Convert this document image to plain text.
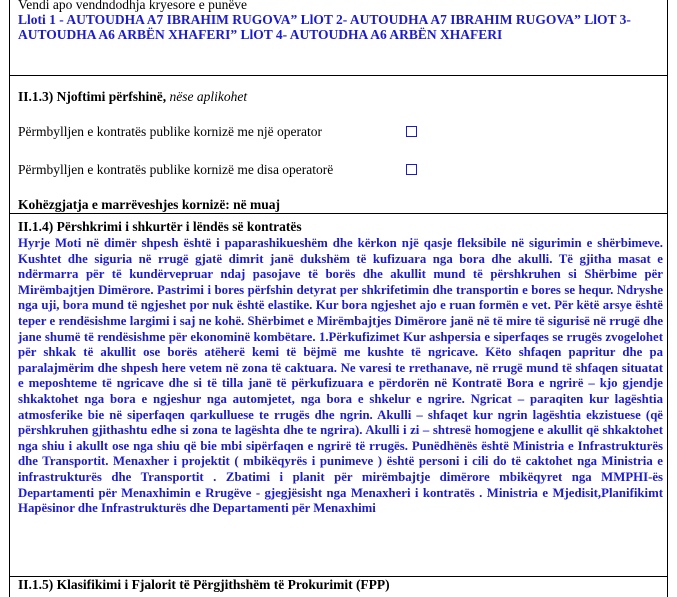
Vendi apo vendndodhja kryesore e punëve
Lloti 1 - AUTOUDHA A7 IBRAHIM RUGOVA” LlOT 2- AUTOUDHA A7 IBRAHIM RUGOVA” LlOT 3- AUTOUDHA A6 ARBËN XHAFERI” LlOT 4- AUTOUDHA A6 ARBËN XHAFERI
II.1.3) Njoftimi përfshinë, nëse aplikohet
Përmbylljen e kontratës publike kornizë me një operator
Përmbylljen e kontratës publike kornizë me disa operatorë
Kohëzgjatja e marrëveshjes kornizë: në muaj
II.1.4) Përshkrimi i shkurtër i lëndës së kontratës
Hyrje Moti në dimër shpesh është i paparashikueshëm dhe kërkon një qasje fleksibile në sigurimin e shërbimeve. Kushtet dhe siguria në rrugë gjatë dimrit janë dukshëm të kufizuara nga bora dhe akulli. Të gjitha masat e ndërmarra për të kundërvepruar ndaj pasojave të borës dhe akullit mund të përshkruhen si Shërbime për Mirëmbajtjen Dimërore. Pastrimi i bores përfshin detyrat per shkrifetimin dhe transportin e bores se hequr. Ndryshe nga uji, bora mund të ngjeshet por nuk është elastike. Kur bora ngjeshet ajo e ruan formën e vet. Për këtë arsye është teper e rendësishme largimi i saj ne kohë. Shërbimet e Mirëmbajtjes Dimërore janë në të mire të sigurisë në rrugë dhe jane shumë të rendësishme për ekonominë kombëtare. 1.Përkufizimet Kur ashpersia e siperfaqes se rrugës zvogelohet për shkak të akullit ose borës atëherë kemi të bëjmë me kushte të ngricave. Këto shfaqen papritur dhe pa paralajmërim dhe shpesh here vetem në zona të caktuara. Ne varesi te rrethanave, në rrugë mund të shfaqen situatat e meposhteme të ngricave dhe si të tilla janë të përkufizuara e përdorën në Kontratë Bora e ngrirë – kjo gjendje shkaktohet nga bora e ngjeshur nga automjetet, nga bora e shkelur e ngrire. Ngricat – paraqiten kur lagështia atmosferike bie në siperfaqen qarkulluese te rrugës dhe ngrin. Akulli – shfaqet kur ngrin lagështia ekzistuese (që përshkruhen gjithashtu edhe si zona te lagështa dhe te ngrira). Akulli i zi – shtresë homogjene e akullit që shkaktohet nga shiu i akullt ose nga shiu që bie mbi sipërfaqen e ngrirë të rrugës. Punëdhënës është Ministria e Infrastrukturës dhe Transportit. Menaxher i projektit ( mbikëqyrës i punimeve ) është personi i cili do të caktohet nga Ministria e infrastrukturës dhe Transportit . Zbatimi i planit për mirëmbajtje dimërore mbikëqyret nga MMPHI-ës Departamenti për Menaxhimin e Rrugëve - gjegjësisht nga Menaxheri i kontratës . Ministria e Mjedisit,Planifikimt Hapësinor dhe Infrastrukturës dhe Departamenti për Menaxhimi
II.1.5) Klasifikimi i Fjalorit të Përgjithshëm të Prokurimit (FPP)
